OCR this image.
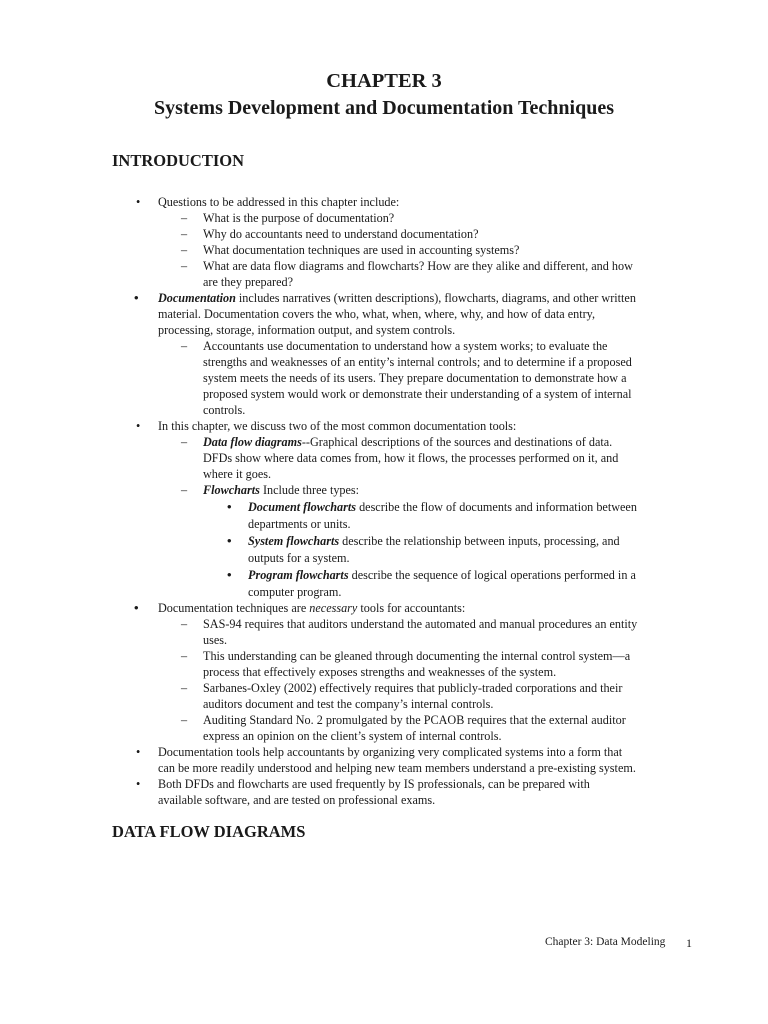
CHAPTER 3
Systems Development and Documentation Techniques
INTRODUCTION
• Questions to be addressed in this chapter include:
– What is the purpose of documentation?
– Why do accountants need to understand documentation?
– What documentation techniques are used in accounting systems?
– What are data flow diagrams and flowcharts? How are they alike and different, and how
are they prepared?
• Documentation includes narratives (written descriptions), flowcharts, diagrams, and other written
material. Documentation covers the who, what, when, where, why, and how of data entry,
processing, storage, information output, and system controls.
– Accountants use documentation to understand how a system works; to evaluate the
strengths and weaknesses of an entity’s internal controls; and to determine if a proposed
system meets the needs of its users. They prepare documentation to demonstrate how a
proposed system would work or demonstrate their understanding of a system of internal
controls.
• In this chapter, we discuss two of the most common documentation tools:
– Data flow diagrams--Graphical descriptions of the sources and destinations of data.
DFDs show where data comes from, how it flows, the processes performed on it, and
where it goes.
– Flowcharts Include three types:
• Document flowcharts describe the flow of documents and information between
departments or units.
• System flowcharts describe the relationship between inputs, processing, and
outputs for a system.
• Program flowcharts describe the sequence of logical operations performed in a
computer program.
• Documentation techniques are necessary tools for accountants:
– SAS-94 requires that auditors understand the automated and manual procedures an entity
uses.
– This understanding can be gleaned through documenting the internal control system—a
process that effectively exposes strengths and weaknesses of the system.
– Sarbanes-Oxley (2002) effectively requires that publicly-traded corporations and their
auditors document and test the company’s internal controls.
– Auditing Standard No. 2 promulgated by the PCAOB requires that the external auditor
express an opinion on the client’s system of internal controls.
• Documentation tools help accountants by organizing very complicated systems into a form that
can be more readily understood and helping new team members understand a pre-existing system.
• Both DFDs and flowcharts are used frequently by IS professionals, can be prepared with
available software, and are tested on professional exams.
DATA FLOW DIAGRAMS
Chapter 3: Data Modeling 1
